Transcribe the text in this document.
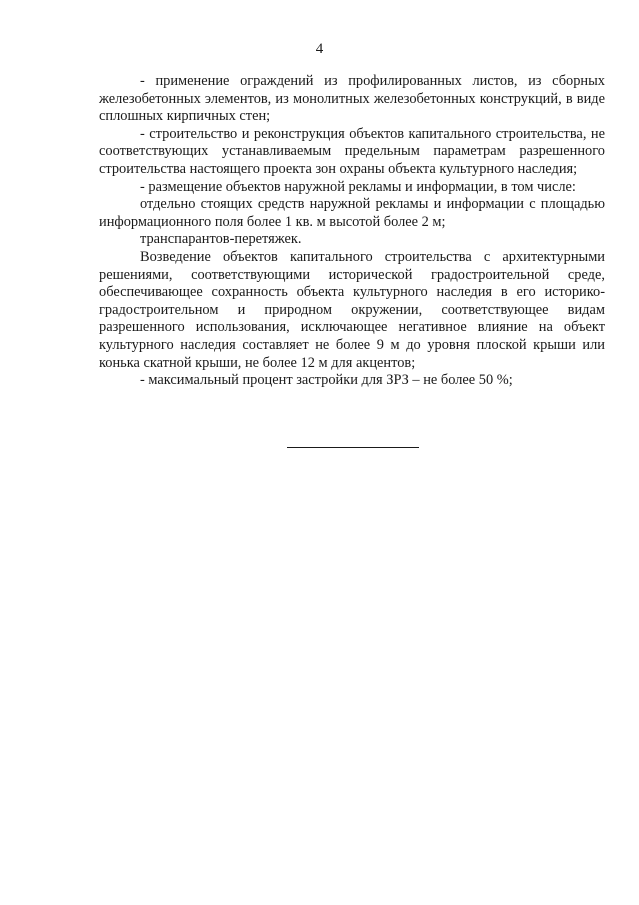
4

- применение ограждений из профилированных листов, из сборных железобетонных элементов, из монолитных железобетонных конструкций, в виде сплошных кирпичных стен;

- строительство и реконструкция объектов капитального строительства, не соответствующих устанавливаемым предельным параметрам разрешенного строительства настоящего проекта зон охраны объекта культурного наследия;

- размещение объектов наружной рекламы и информации, в том числе:

отдельно стоящих средств наружной рекламы и информации с площадью информационного поля более 1 кв. м высотой более 2 м;

транспарантов-перетяжек.

Возведение объектов капитального строительства с архитектурными решениями, соответствующими исторической градостроительной среде, обеспечивающее сохранность объекта культурного наследия в его историко-градостроительном и природном окружении, соответствующее видам разрешенного использования, исключающее негативное влияние на объект культурного наследия составляет не более 9 м до уровня плоской крыши или конька скатной крыши, не более 12 м для акцентов;

- максимальный процент застройки для ЗРЗ – не более 50 %;
